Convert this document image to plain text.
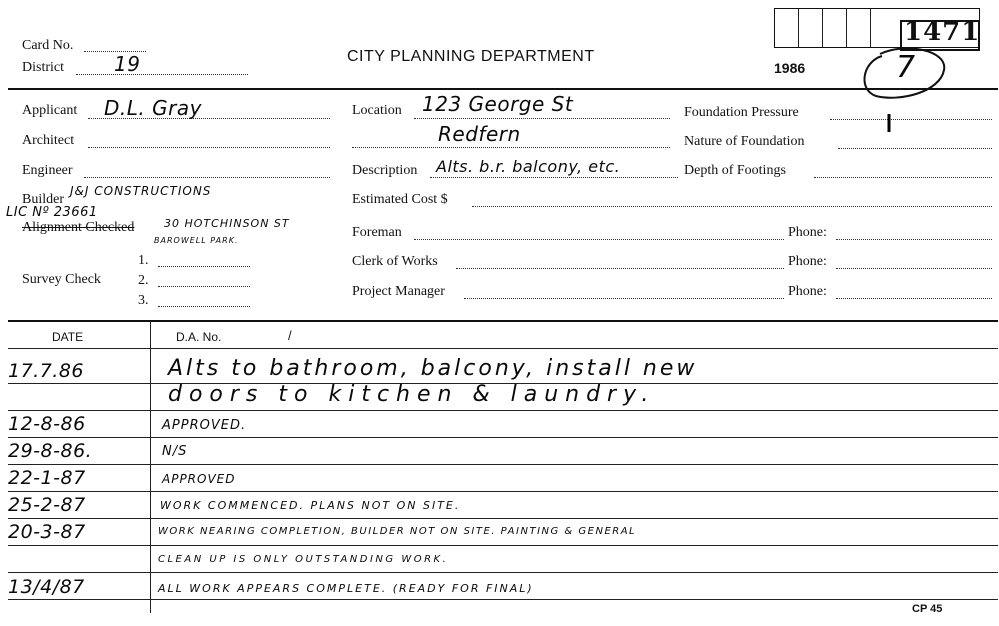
Card No.
District	19	CITY PLANNING DEPARTMENT
1986
1471
7
Applicant D.L. Gray
Architect
Engineer
Builder
J&J CONSTRUCTIONS
LIC Nº 23661
Alignment Checked	30 HOTCHINSON ST
BAROWELL PARK.
1.
Survey Check	2.
3.
Location 123 George St
Redfern
Description Alts. b.r. balcony, etc.
Estimated Cost $
Foreman
Clerk of Works
Project Manager
Foundation Pressure
Nature of Foundation
Depth of Footings
Phone:
Phone:
Phone:
DATE	D.A. No.	/
17.7.86	Alts to bathroom, balcony, install new
doors to kitchen & laundry.
12-8-86	APPROVED.
29-8-86.	N/S
22-1-87	APPROVED
25-2-87	WORK COMMENCED. PLANS NOT ON SITE.
20-3-87	WORK NEARING COMPLETION, BUILDER NOT ON SITE. PAINTING & GENERAL
CLEAN UP IS ONLY OUTSTANDING WORK.
13/4/87	ALL WORK APPEARS COMPLETE. (READY FOR FINAL)
CP 45
